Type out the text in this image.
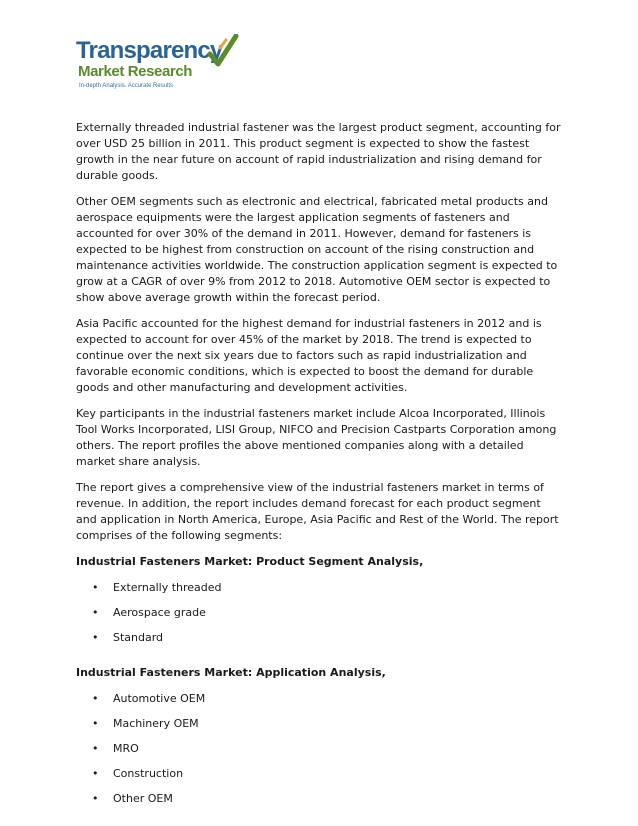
Transparency
Market Research
In-depth Analysis. Accurate Results

Externally threaded industrial fastener was the largest product segment, accounting for over USD 25 billion in 2011. This product segment is expected to show the fastest growth in the near future on account of rapid industrialization and rising demand for durable goods.

Other OEM segments such as electronic and electrical, fabricated metal products and aerospace equipments were the largest application segments of fasteners and accounted for over 30% of the demand in 2011. However, demand for fasteners is expected to be highest from construction on account of the rising construction and maintenance activities worldwide. The construction application segment is expected to grow at a CAGR of over 9% from 2012 to 2018. Automotive OEM sector is expected to show above average growth within the forecast period.

Asia Pacific accounted for the highest demand for industrial fasteners in 2012 and is expected to account for over 45% of the market by 2018. The trend is expected to continue over the next six years due to factors such as rapid industrialization and favorable economic conditions, which is expected to boost the demand for durable goods and other manufacturing and development activities.

Key participants in the industrial fasteners market include Alcoa Incorporated, Illinois Tool Works Incorporated, LISI Group, NIFCO and Precision Castparts Corporation among others. The report profiles the above mentioned companies along with a detailed market share analysis.

The report gives a comprehensive view of the industrial fasteners market in terms of revenue. In addition, the report includes demand forecast for each product segment and application in North America, Europe, Asia Pacific and Rest of the World. The report comprises of the following segments:

Industrial Fasteners Market: Product Segment Analysis,
• Externally threaded
• Aerospace grade
• Standard
Industrial Fasteners Market: Application Analysis,
• Automotive OEM
• Machinery OEM
• MRO
• Construction
• Other OEM
